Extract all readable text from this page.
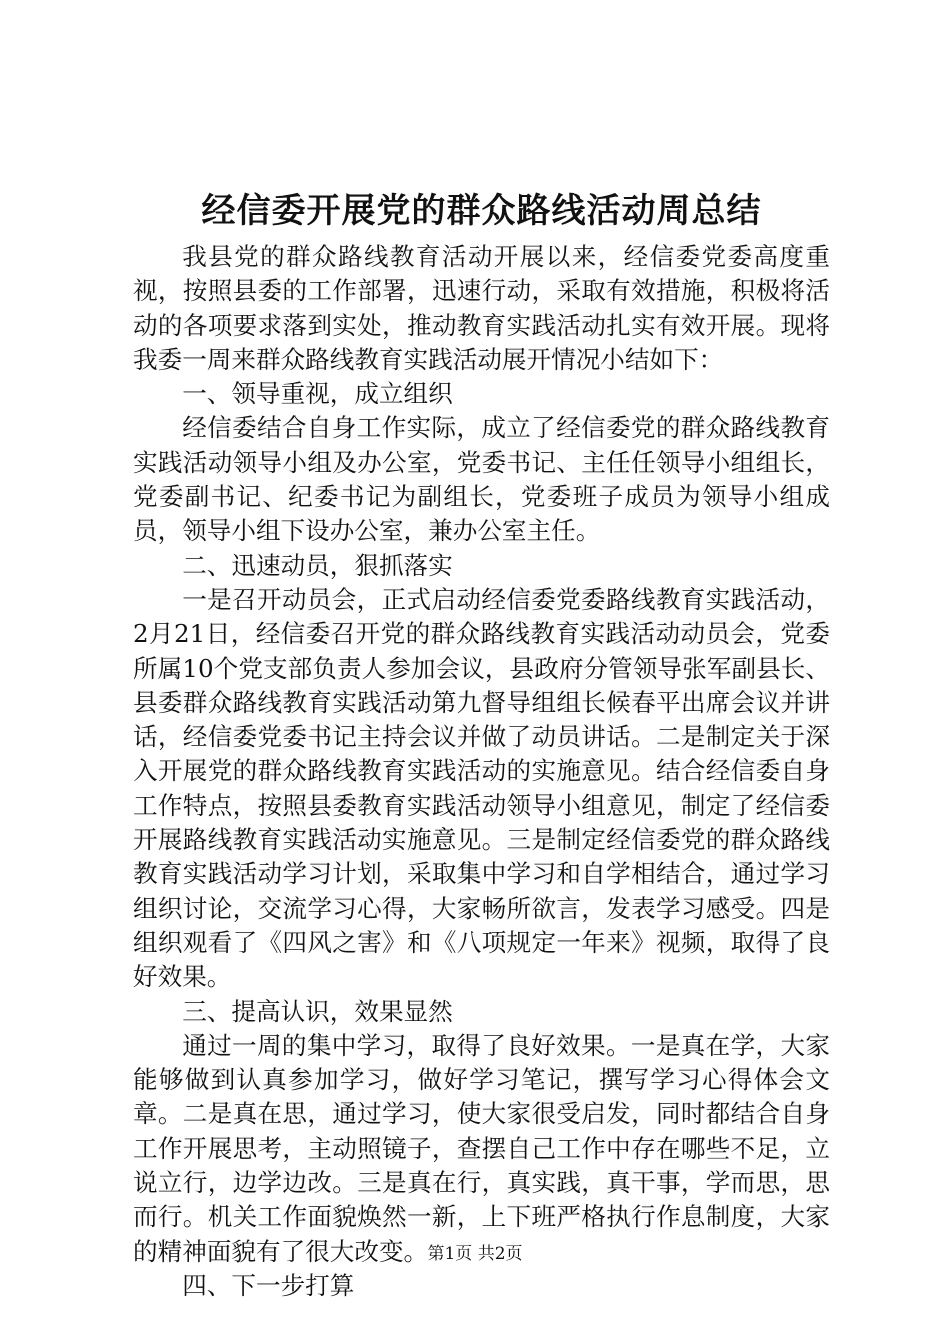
经信委开展党的群众路线活动周总结

我县党的群众路线教育活动开展以来，经信委党委高度重视，按照县委的工作部署，迅速行动，采取有效措施，积极将活动的各项要求落到实处，推动教育实践活动扎实有效开展。现将我委一周来群众路线教育实践活动展开情况小结如下：

一、领导重视，成立组织

经信委结合自身工作实际，成立了经信委党的群众路线教育实践活动领导小组及办公室，党委书记、主任任领导小组组长，党委副书记、纪委书记为副组长，党委班子成员为领导小组成员，领导小组下设办公室，兼办公室主任。

二、迅速动员，狠抓落实

一是召开动员会，正式启动经信委党委路线教育实践活动，2月21日，经信委召开党的群众路线教育实践活动动员会，党委所属10个党支部负责人参加会议，县政府分管领导张军副县长、县委群众路线教育实践活动第九督导组组长候春平出席会议并讲话，经信委党委书记主持会议并做了动员讲话。二是制定关于深入开展党的群众路线教育实践活动的实施意见。结合经信委自身工作特点，按照县委教育实践活动领导小组意见，制定了经信委开展路线教育实践活动实施意见。三是制定经信委党的群众路线教育实践活动学习计划，采取集中学习和自学相结合，通过学习组织讨论，交流学习心得，大家畅所欲言，发表学习感受。四是组织观看了《四风之害》和《八项规定一年来》视频，取得了良好效果。

三、提高认识，效果显然

通过一周的集中学习，取得了良好效果。一是真在学，大家能够做到认真参加学习，做好学习笔记，撰写学习心得体会文章。二是真在思，通过学习，使大家很受启发，同时都结合自身工作开展思考，主动照镜子，查摆自己工作中存在哪些不足，立说立行，边学边改。三是真在行，真实践，真干事，学而思，思而行。机关工作面貌焕然一新，上下班严格执行作息制度，大家的精神面貌有了很大改变。

四、下一步打算

第1页 共2页
